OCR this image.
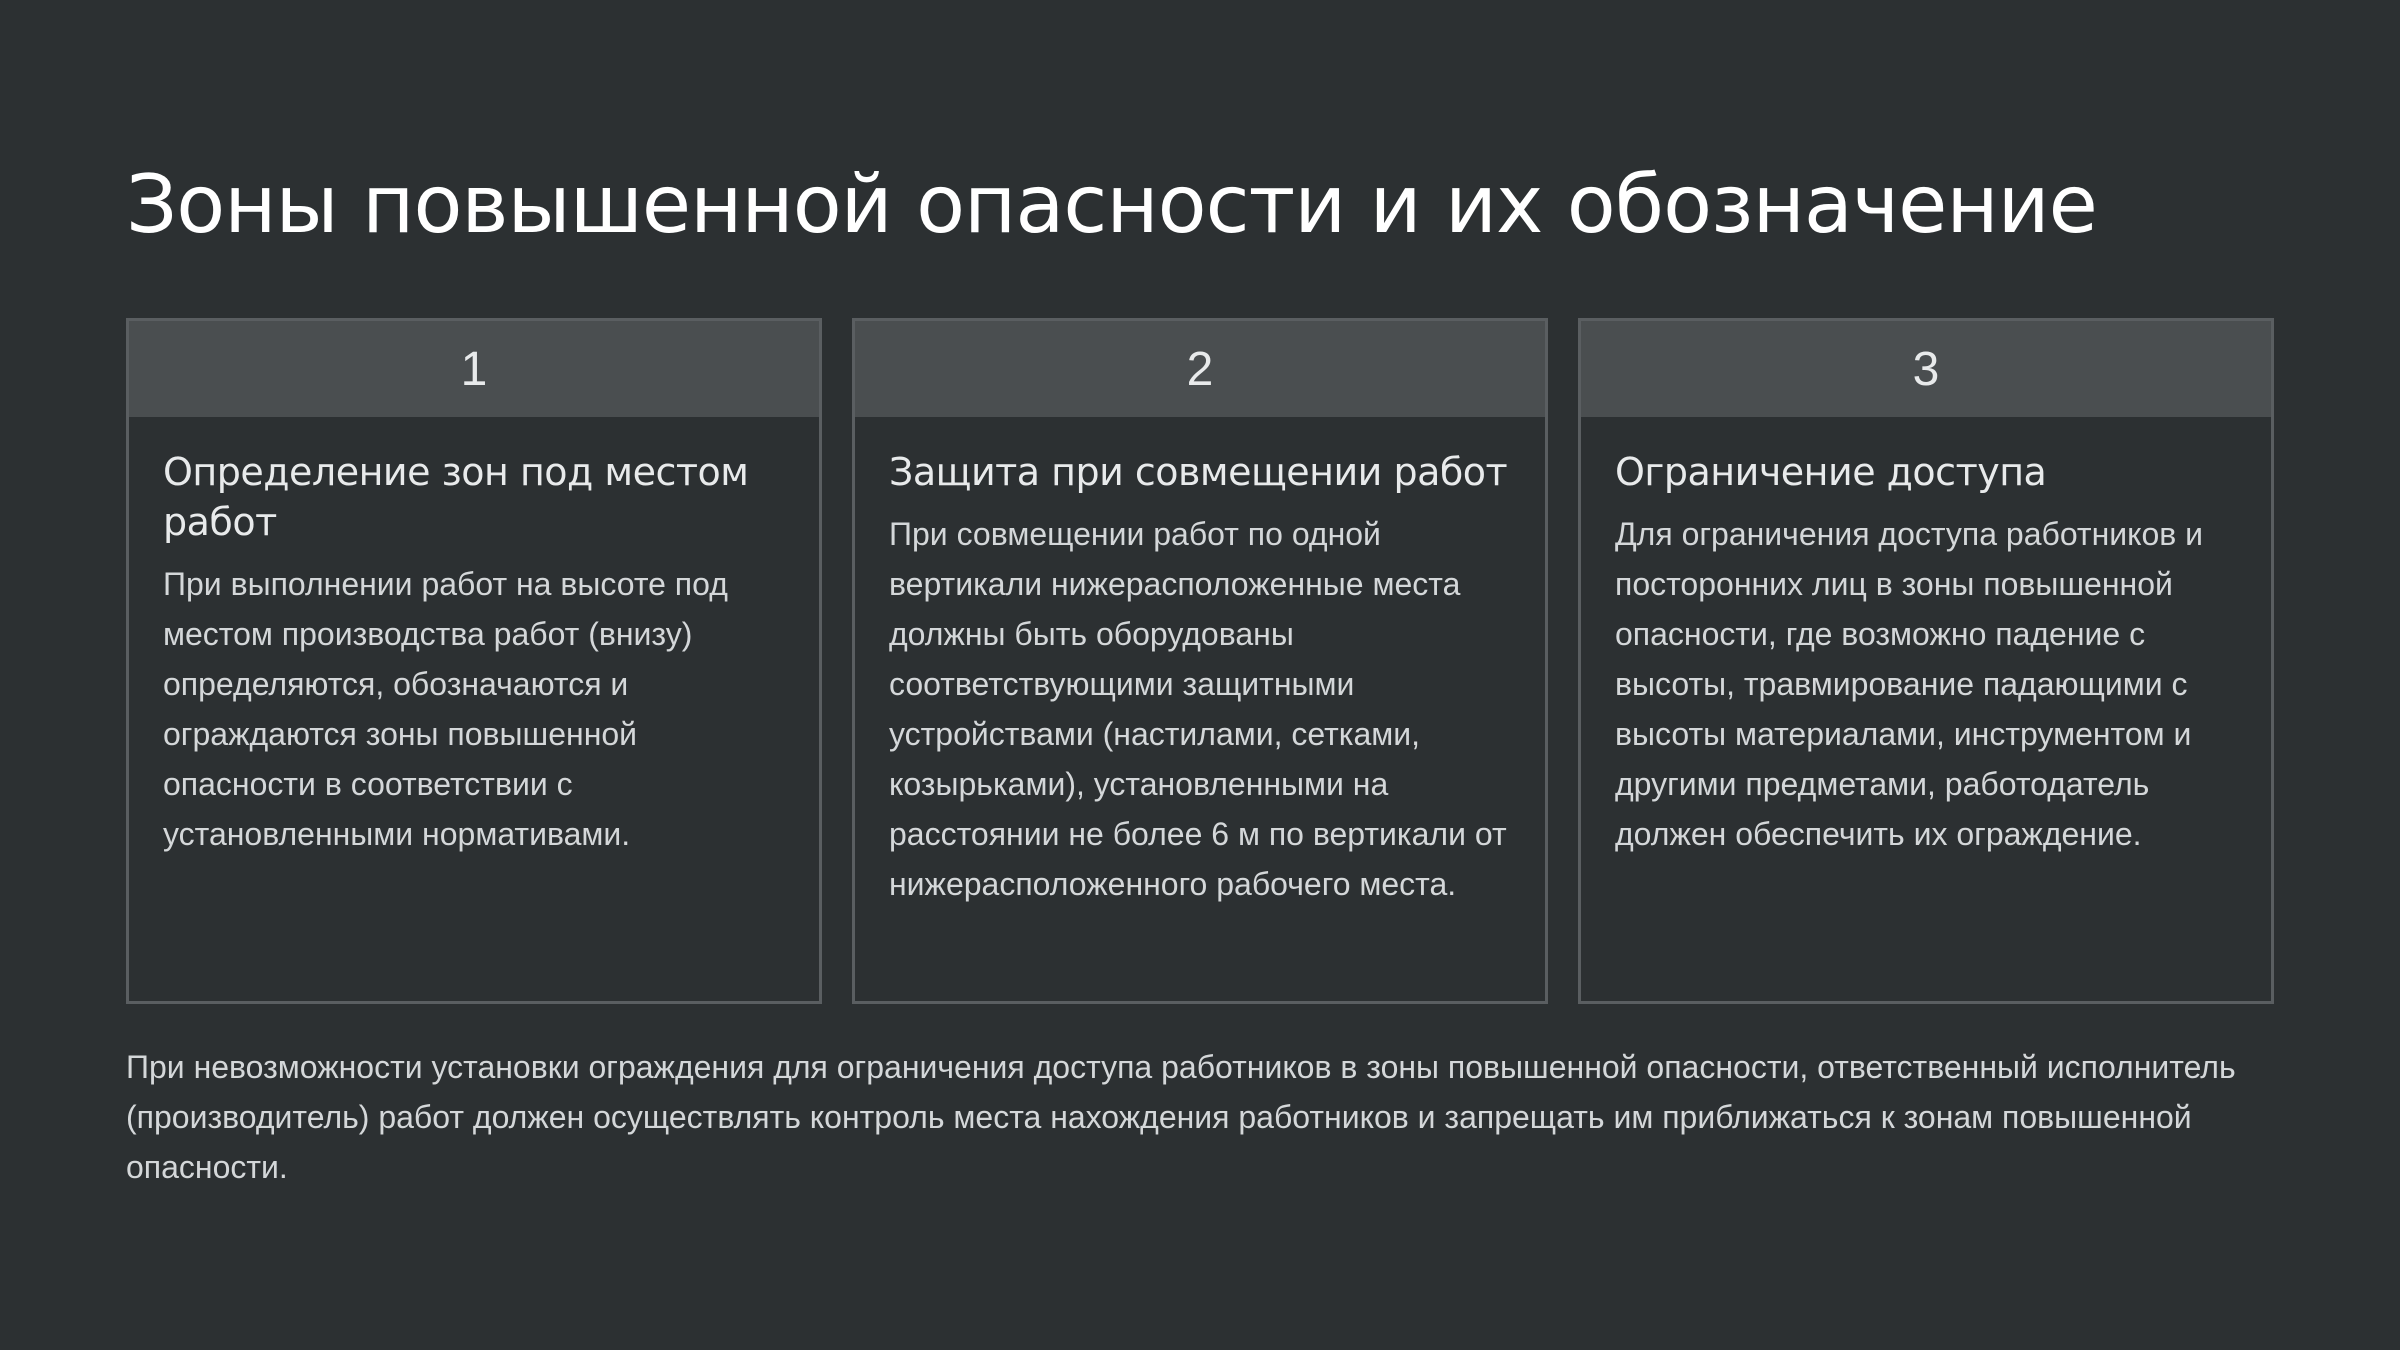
Зоны повышенной опасности и их обозначение
1
Определение зон под местом работ

При выполнении работ на высоте под местом производства работ (внизу) определяются, обозначаются и ограждаются зоны повышенной опасности в соответствии с установленными нормативами.

2
Защита при совмещении работ

При совмещении работ по одной вертикали нижерасположенные места должны быть оборудованы соответствующими защитными устройствами (настилами, сетками, козырьками), установленными на расстоянии не более 6 м по вертикали от нижерасположенного рабочего места.

3
Ограничение доступа

Для ограничения доступа работников и посторонних лиц в зоны повышенной опасности, где возможно падение с высоты, травмирование падающими с высоты материалами, инструментом и другими предметами, работодатель должен обеспечить их ограждение.

При невозможности установки ограждения для ограничения доступа работников в зоны повышенной опасности, ответственный исполнитель (производитель) работ должен осуществлять контроль места нахождения работников и запрещать им приближаться к зонам повышенной опасности.
